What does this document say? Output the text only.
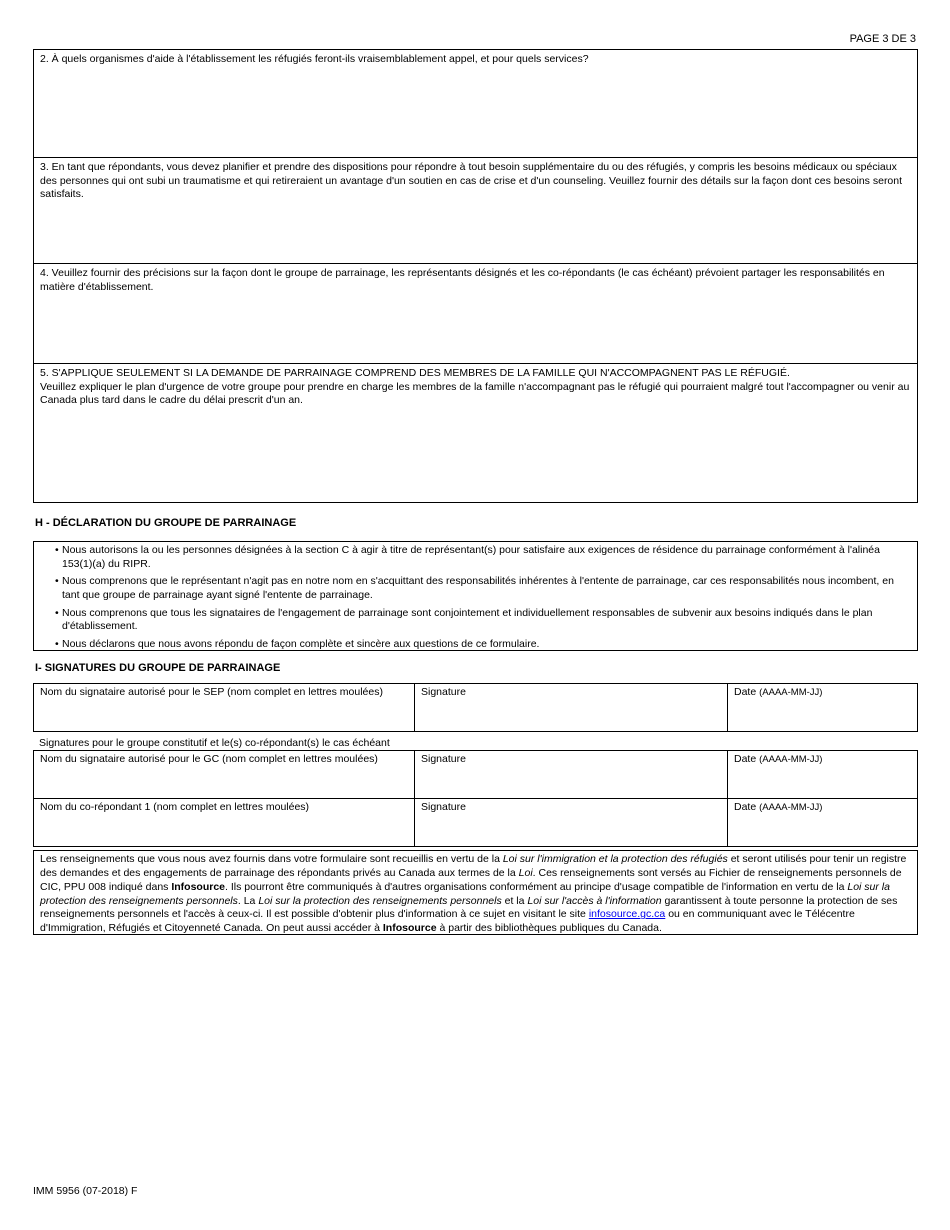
PAGE 3 DE 3
2. À quels organismes d'aide à l'établissement les réfugiés feront-ils vraisemblablement appel, et pour quels services?
3. En tant que répondants, vous devez planifier et prendre des dispositions pour répondre à tout besoin supplémentaire du ou des réfugiés, y compris les besoins médicaux ou spéciaux des personnes qui ont subi un traumatisme et qui retireraient un avantage d'un soutien en cas de crise et d'un counseling. Veuillez fournir des détails sur la façon dont ces besoins seront satisfaits.
4. Veuillez fournir des précisions sur la façon dont le groupe de parrainage, les représentants désignés et les co-répondants (le cas échéant) prévoient partager les responsabilités en matière d'établissement.
5. S'APPLIQUE SEULEMENT SI LA DEMANDE DE PARRAINAGE COMPREND DES MEMBRES DE LA FAMILLE QUI N'ACCOMPAGNENT PAS LE RÉFUGIÉ.
Veuillez expliquer le plan d'urgence de votre groupe pour prendre en charge les membres de la famille n'accompagnant pas le réfugié qui pourraient malgré tout l'accompagner ou venir au Canada plus tard dans le cadre du délai prescrit d'un an.
H - DÉCLARATION DU GROUPE DE PARRAINAGE
• Nous autorisons la ou les personnes désignées à la section C à agir à titre de représentant(s) pour satisfaire aux exigences de résidence du parrainage conformément à l'alinéa 153(1)(a) du RIPR.
• Nous comprenons que le représentant n'agit pas en notre nom en s'acquittant des responsabilités inhérentes à l'entente de parrainage, car ces responsabilités nous incombent, en tant que groupe de parrainage ayant signé l'entente de parrainage.
• Nous comprenons que tous les signataires de l'engagement de parrainage sont conjointement et individuellement responsables de subvenir aux besoins indiqués dans le plan d'établissement.
• Nous déclarons que nous avons répondu de façon complète et sincère aux questions de ce formulaire.
I- SIGNATURES DU GROUPE DE PARRAINAGE
Nom du signataire autorisé pour le SEP (nom complet en lettres moulées)	Signature	Date (AAAA-MM-JJ)
Signatures pour le groupe constitutif et le(s) co-répondant(s) le cas échéant
Nom du signataire autorisé pour le GC (nom complet en lettres moulées)	Signature	Date (AAAA-MM-JJ)

Nom du co-répondant 1 (nom complet en lettres moulées)	Signature	Date (AAAA-MM-JJ)
Les renseignements que vous nous avez fournis dans votre formulaire sont recueillis en vertu de la Loi sur l'immigration et la protection des réfugiés et seront utilisés pour tenir un registre des demandes et des engagements de parrainage des répondants privés au Canada aux termes de la Loi. Ces renseignements sont versés au Fichier de renseignements personnels de CIC, PPU 008 indiqué dans Infosource. Ils pourront être communiqués à d'autres organisations conformément au principe d'usage compatible de l'information en vertu de la Loi sur la protection des renseignements personnels. La Loi sur la protection des renseignements personnels et la Loi sur l'accès à l'information garantissent à toute personne la protection de ses renseignements personnels et l'accès à ceux-ci. Il est possible d'obtenir plus d'information à ce sujet en visitant le site infosource.gc.ca ou en communiquant avec le Télécentre d'Immigration, Réfugiés et Citoyenneté Canada. On peut aussi accéder à Infosource à partir des bibliothèques publiques du Canada.
IMM 5956 (07-2018) F
